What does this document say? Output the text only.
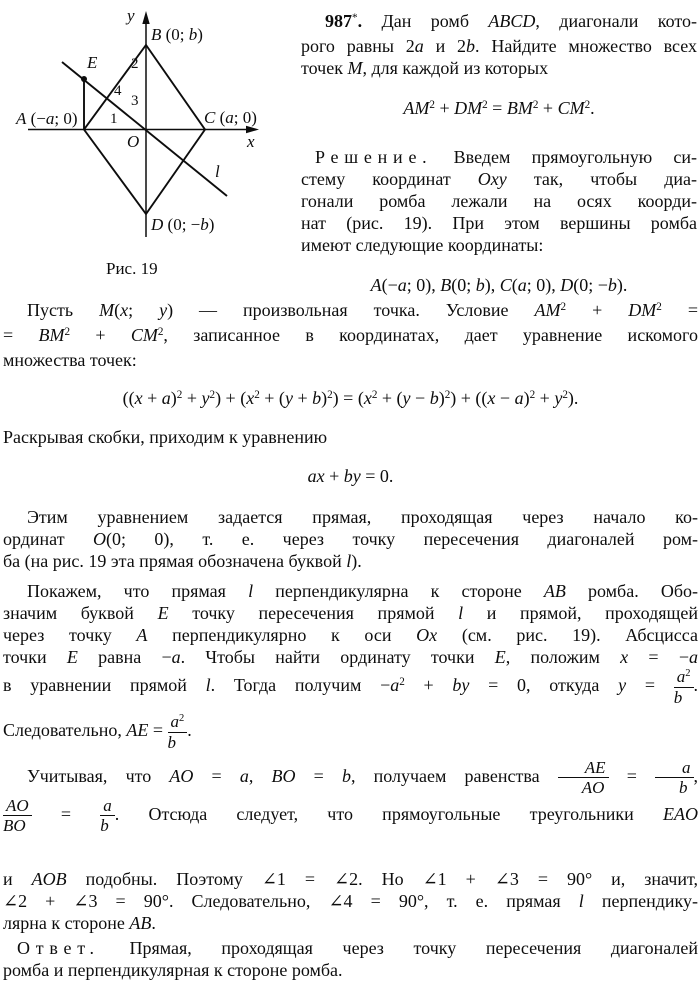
y
B (0; b)
E
A (−a; 0)	C (a; 0)
O	x
D (0; −b)
l
1
2
3
4
Рис. 19
987*. Дан ромб ABCD, диагонали кото-
рого равны 2a и 2b. Найдите множество всех
точек M, для каждой из которых
$AM^2 + DM^2 = BM^2 + CM^2$.
Решение. Введем прямоугольную си-
стему координат Oxy так, чтобы диа-
гонали ромба лежали на осях коорди-
нат (рис. 19). При этом вершины ромба
имеют следующие координаты:
A(−a; 0), B(0; b), C(a; 0), D(0; −b).
Пусть M(x; y) — произвольная точка. Условие $AM^2 + DM^2$ =
= $BM^2 + CM^2$, записанное в координатах, дает уравнение искомого
множества точек:
$((x + a)^2 + y^2) + (x^2 + (y + b)^2) = (x^2 + (y - b)^2) + ((x - a)^2 + y^2)$.
Раскрывая скобки, приходим к уравнению
ax + by = 0.
Этим уравнением задается прямая, проходящая через начало ко-
ординат O(0; 0), т. е. через точку пересечения диагоналей ром-
ба (на рис. 19 эта прямая обозначена буквой l).
Покажем, что прямая l перпендикулярна к стороне AB ромба. Обо-
значим буквой E точку пересечения прямой l и прямой, проходящей
через точку A перпендикулярно к оси Ox (см. рис. 19). Абсцисса
точки E равна −a. Чтобы найти ординату точки E, положим x = −a
в уравнении прямой l. Тогда получим $-a^2$ + by = 0, откуда $y = \frac{a^2}{b}$ .
Следовательно, AE = $\frac{a^2}{b}$ .
Учитывая, что AO = a, BO = b, получаем равенства $\frac{AE}{AO} = \frac{a}{b}$ ,
$\frac{AO}{BO} = \frac{a}{b}$ . Отсюда следует, что прямоугольные треугольники EAO
и AOB подобны. Поэтому ∠1 = ∠2. Но ∠1 + ∠3 = 90° и, значит,
∠2 + ∠3 = 90°. Следовательно, ∠4 = 90°, т. е. прямая l перпендику-
лярна к стороне AB.
Ответ. Прямая, проходящая через точку пересечения диагоналей
ромба и перпендикулярная к стороне ромба.
